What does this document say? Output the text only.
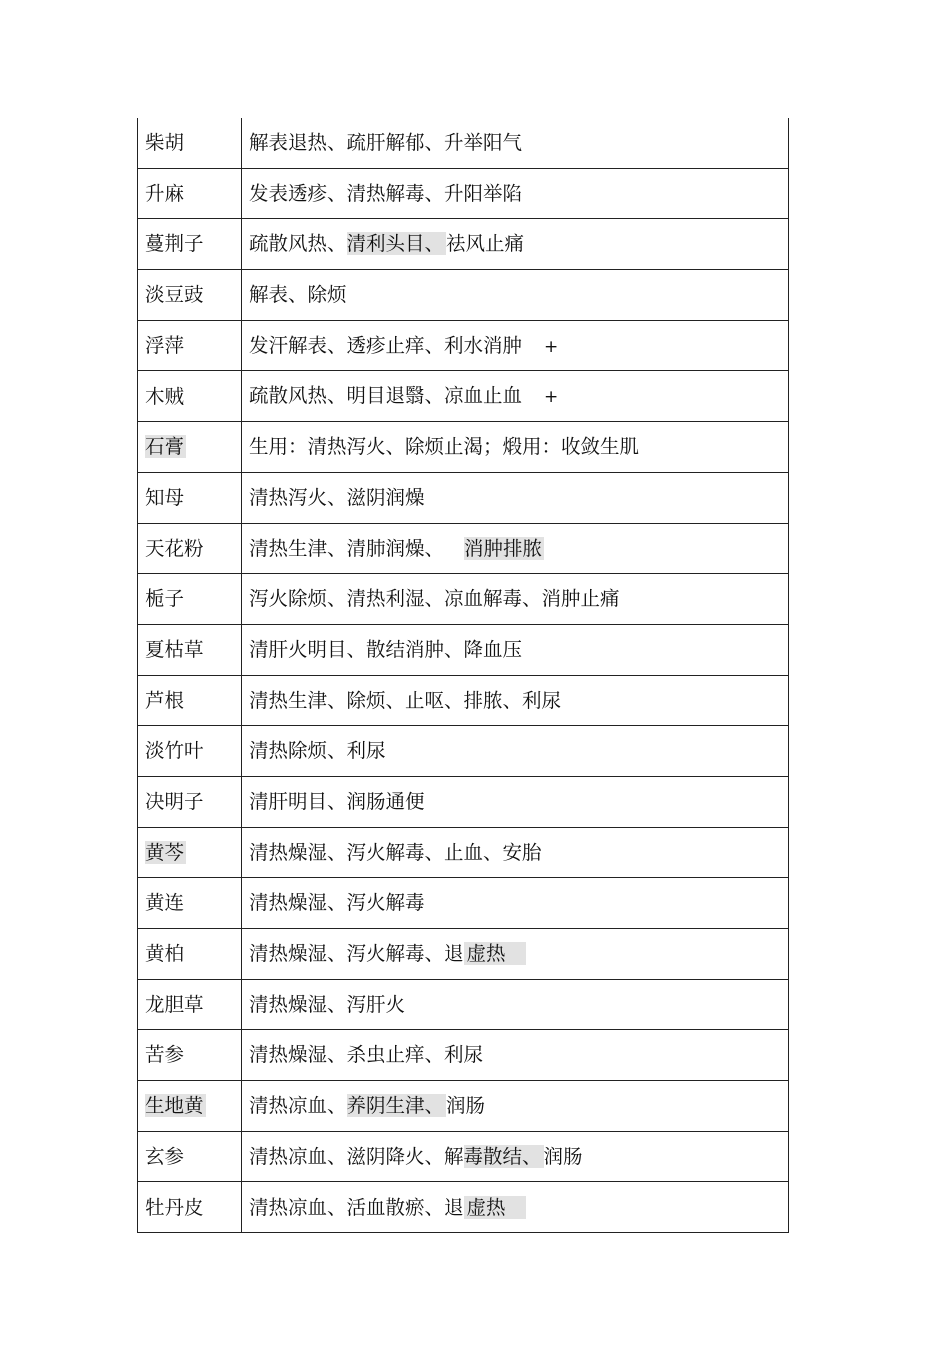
柴胡	解表退热、疏肝解郁、升举阳气
升麻	发表透疹、清热解毒、升阳举陷
蔓荆子	疏散风热、清利头目、 祛风止痛
淡豆豉	解表、除烦
浮萍	发汗解表、透疹止痒、利水消肿 +
木贼	疏散风热、明目退翳、凉血止血 +
石膏	生用：清热泻火、除烦止渴；煅用：收敛生肌
知母	清热泻火、滋阴润燥
天花粉	清热生津、清肺润燥、 消肿排脓
栀子	泻火除烦、清热利湿、凉血解毒、消肿止痛
夏枯草	清肝火明目、散结消肿、降血压
芦根	清热生津、除烦、止呕、排脓、利尿
淡竹叶	清热除烦、利尿
决明子	清肝明目、润肠通便
黄芩	清热燥湿、泻火解毒、止血、安胎
黄连	清热燥湿、泻火解毒
黄柏	清热燥湿、泻火解毒、退 虚热
龙胆草	清热燥湿、泻肝火
苦参	清热燥湿、杀虫止痒、利尿
生地黄	清热凉血、养阴生津、 润肠
玄参	清热凉血、滋阴降火、解毒散结、 润肠
牡丹皮	清热凉血、活血散瘀、退 虚热
